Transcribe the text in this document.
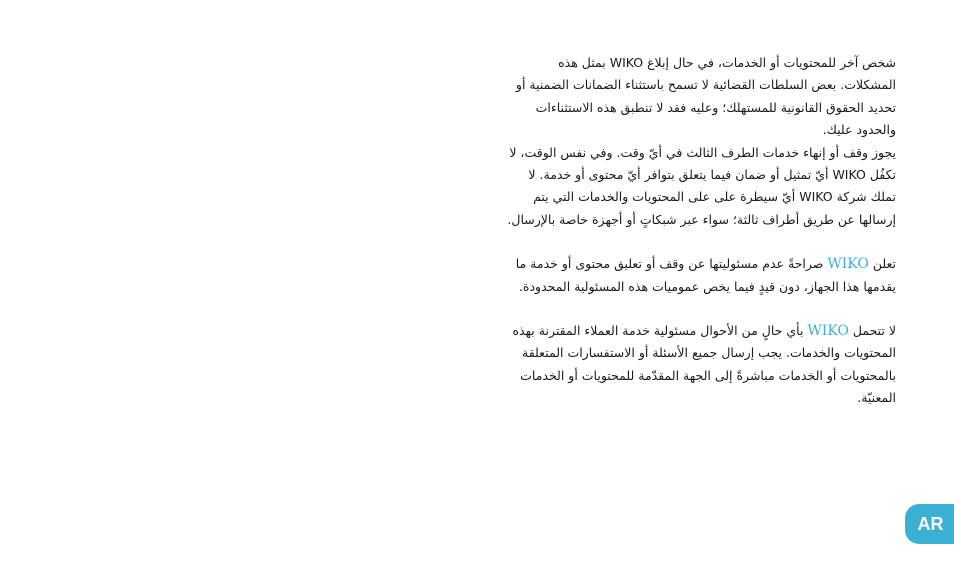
شخص آخر للمحتويات أو الخدمات، في حال إبلاغ WIKO بمثل هذه المشكلات. بعض السلطات القضائية لا تسمح باستثناء الضمانات الضمنية أو تحديد الحقوق القانونية للمستهلك؛ وعليه فقد لا تنطبق هذه الاستثناءات والحدود عليك.

يجوز وقف أو إنهاء خدمات الطرف الثالث في أيّ وقت. وفي نفس الوقت، لا تكفُل WIKO أيّ تمثيل أو ضمان فيما يتعلق بتوافر أيّ محتوى أو خدمة. لا تملك شركة WIKO أيّ سيطرة على على المحتويات والخدمات التي يتم إرسالها عن طريق أطراف ثالثة؛ سواء عبر شبكاتٍ أو أجهزة خاصة بالإرسال.

تعلن WIKO صراحةً عدم مسئوليتها عن وقف أو تعليق محتوى أو خدمة ما يقدمها هذا الجهاز، دون قيدٍ فيما يخص عموميات هذه المسئولية المحدودة.

لا تتحمل WIKO بأي حالٍ من الأحوال مسئولية خدمة العملاء المقترنة بهذه المحتويات والخدمات. يجب إرسال جميع الأسئلة أو الاستفسارات المتعلقة بالمحتويات أو الخدمات مباشرةً إلى الجهة المقدّمة للمحتويات أو الخدمات المعنيّة.

AR
